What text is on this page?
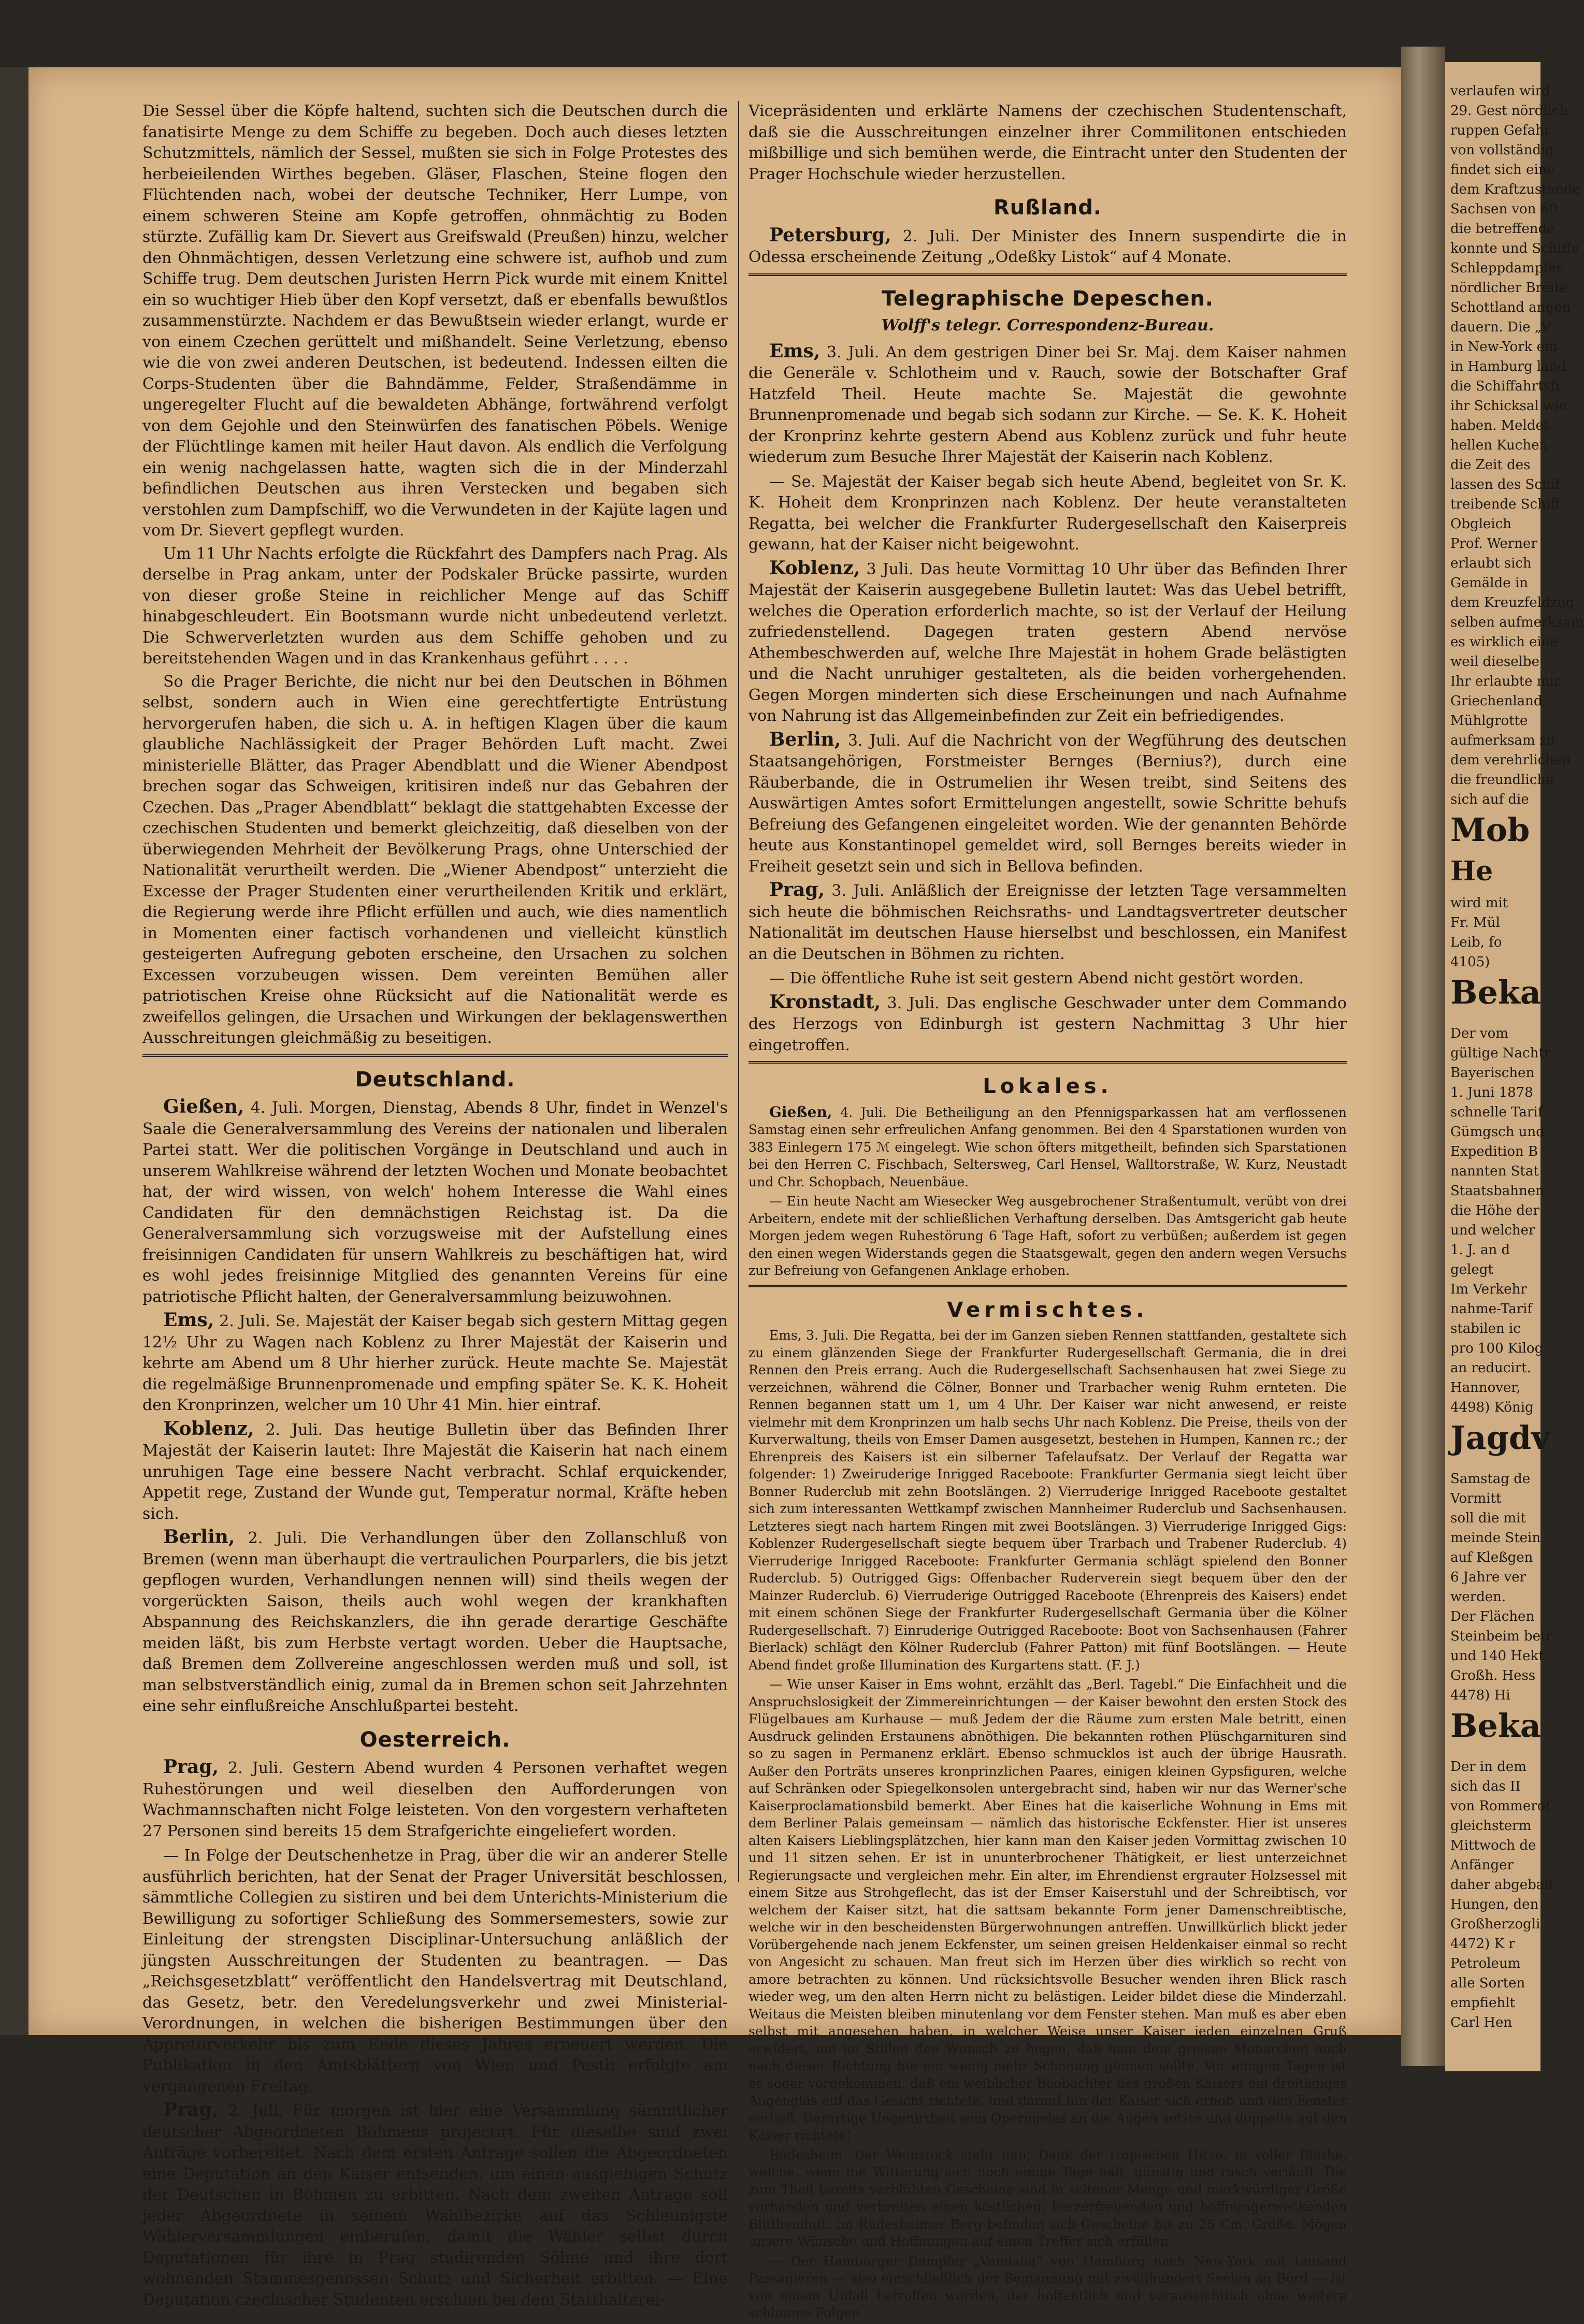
verlaufen wird.
29. Gest nördlich
ruppen Gefahr
von vollständig
findet sich eine
dem Kraftzustande
Sachsen von 60
die betreffende
konnte und Schiffe
Schleppdampfer
nördlicher Breite
Schottland angen
dauern. Die „V
in New-York ein
in Hamburg land
die Schiffahrtsfr
ihr Schicksal wie
haben. Meldet
hellen Kuchen
die Zeit des
lassen des Schif
treibende Schiff
Obgleich
Prof. Werner
erlaubt sich
Gemälde in
dem Kreuzfeldzug
selben aufmerksam
es wirklich eine
weil dieselbe
Ihr erlaubte mir
Griechenland,
Mühlgrotte
aufmerksam zu
dem verehrlichen
die freundliche
sich auf die
Mob
He
wird mit
Fr. Mül
Leib, fo
4105)
Beka
Der vom
gültige Nachtr
Bayerischen
1. Juni 1878
schnelle Tarif
Gümgsch und
Expedition B
nannten Stat
Staatsbahnen
die Höhe der
und welcher
1. J. an d
gelegt
Im Verkehr
nahme-Tarif
stabilen ic
pro 100 Kilog
an reducirt.
Hannover,
4498) König
Jagdv
Samstag de
Vormitt
soll die mit
meinde Stein
auf Kleßgen
6 Jahre ver
werden.
Der Flächen
Steinbeim betr
und 140 Hekt
Großh. Hess
4478) Hi
Beka
Der in dem
sich das II
von Rommerot
gleichsterm
Mittwoch de
Anfänger
daher abgebalt
Hungen, den
Großherzogli
4472) K r
Petroleum
alle Sorten
empfiehlt
Carl Hen

Die Sessel über die Köpfe haltend, suchten sich die Deutschen durch die fanatisirte Menge zu dem Schiffe zu begeben. Doch auch dieses letzten Schutzmittels, nämlich der Sessel, mußten sie sich in Folge Protestes des herbeieilenden Wirthes begeben. Gläser, Flaschen, Steine flogen den Flüchtenden nach, wobei der deutsche Techniker, Herr Lumpe, von einem schweren Steine am Kopfe getroffen, ohnmächtig zu Boden stürzte. Zufällig kam Dr. Sievert aus Greifswald (Preußen) hinzu, welcher den Ohnmächtigen, dessen Verletzung eine schwere ist, aufhob und zum Schiffe trug. Dem deutschen Juristen Herrn Pick wurde mit einem Knittel ein so wuchtiger Hieb über den Kopf versetzt, daß er ebenfalls bewußtlos zusammenstürzte. Nachdem er das Bewußtsein wieder erlangt, wurde er von einem Czechen gerüttelt und mißhandelt. Seine Verletzung, ebenso wie die von zwei anderen Deutschen, ist bedeutend. Indessen eilten die Corps-Studenten über die Bahndämme, Felder, Straßendämme in ungeregelter Flucht auf die bewaldeten Abhänge, fortwährend verfolgt von dem Gejohle und den Steinwürfen des fanatischen Pöbels. Wenige der Flüchtlinge kamen mit heiler Haut davon. Als endlich die Verfolgung ein wenig nachgelassen hatte, wagten sich die in der Minderzahl befindlichen Deutschen aus ihren Verstecken und begaben sich verstohlen zum Dampfschiff, wo die Verwundeten in der Kajüte lagen und vom Dr. Sievert gepflegt wurden.

Um 11 Uhr Nachts erfolgte die Rückfahrt des Dampfers nach Prag. Als derselbe in Prag ankam, unter der Podskaler Brücke passirte, wurden von dieser große Steine in reichlicher Menge auf das Schiff hinabgeschleudert. Ein Bootsmann wurde nicht unbedeutend verletzt. Die Schwerverletzten wurden aus dem Schiffe gehoben und zu bereitstehenden Wagen und in das Krankenhaus geführt . . . .

So die Prager Berichte, die nicht nur bei den Deutschen in Böhmen selbst, sondern auch in Wien eine gerechtfertigte Entrüstung hervorgerufen haben, die sich u. A. in heftigen Klagen über die kaum glaubliche Nachlässigkeit der Prager Behörden Luft macht. Zwei ministerielle Blätter, das Prager Abendblatt und die Wiener Abendpost brechen sogar das Schweigen, kritisiren indeß nur das Gebahren der Czechen. Das „Prager Abendblatt“ beklagt die stattgehabten Excesse der czechischen Studenten und bemerkt gleichzeitig, daß dieselben von der überwiegenden Mehrheit der Bevölkerung Prags, ohne Unterschied der Nationalität verurtheilt werden. Die „Wiener Abendpost“ unterzieht die Excesse der Prager Studenten einer verurtheilenden Kritik und erklärt, die Regierung werde ihre Pflicht erfüllen und auch, wie dies namentlich in Momenten einer factisch vorhandenen und vielleicht künstlich gesteigerten Aufregung geboten erscheine, den Ursachen zu solchen Excessen vorzubeugen wissen. Dem vereinten Bemühen aller patriotischen Kreise ohne Rücksicht auf die Nationalität werde es zweifellos gelingen, die Ursachen und Wirkungen der beklagenswerthen Ausschreitungen gleichmäßig zu beseitigen.

Deutschland.

Gießen, 4. Juli. Morgen, Dienstag, Abends 8 Uhr, findet in Wenzel's Saale die Generalversammlung des Vereins der nationalen und liberalen Partei statt. Wer die politischen Vorgänge in Deutschland und auch in unserem Wahlkreise während der letzten Wochen und Monate beobachtet hat, der wird wissen, von welch' hohem Interesse die Wahl eines Candidaten für den demnächstigen Reichstag ist. Da die Generalversammlung sich vorzugsweise mit der Aufstellung eines freisinnigen Candidaten für unsern Wahlkreis zu beschäftigen hat, wird es wohl jedes freisinnige Mitglied des genannten Vereins für eine patriotische Pflicht halten, der Generalversammlung beizuwohnen.

Ems, 2. Juli. Se. Majestät der Kaiser begab sich gestern Mittag gegen 12½ Uhr zu Wagen nach Koblenz zu Ihrer Majestät der Kaiserin und kehrte am Abend um 8 Uhr hierher zurück. Heute machte Se. Majestät die regelmäßige Brunnenpromenade und empfing später Se. K. K. Hoheit den Kronprinzen, welcher um 10 Uhr 41 Min. hier eintraf.

Koblenz, 2. Juli. Das heutige Bulletin über das Befinden Ihrer Majestät der Kaiserin lautet: Ihre Majestät die Kaiserin hat nach einem unruhigen Tage eine bessere Nacht verbracht. Schlaf erquickender, Appetit rege, Zustand der Wunde gut, Temperatur normal, Kräfte heben sich.

Berlin, 2. Juli. Die Verhandlungen über den Zollanschluß von Bremen (wenn man überhaupt die vertraulichen Pourparlers, die bis jetzt gepflogen wurden, Verhandlungen nennen will) sind theils wegen der vorgerückten Saison, theils auch wohl wegen der krankhaften Abspannung des Reichskanzlers, die ihn gerade derartige Geschäfte meiden läßt, bis zum Herbste vertagt worden. Ueber die Hauptsache, daß Bremen dem Zollvereine angeschlossen werden muß und soll, ist man selbstverständlich einig, zumal da in Bremen schon seit Jahrzehnten eine sehr einflußreiche Anschlußpartei besteht.

Oesterreich.

Prag, 2. Juli. Gestern Abend wurden 4 Personen verhaftet wegen Ruhestörungen und weil dieselben den Aufforderungen von Wachmannschaften nicht Folge leisteten. Von den vorgestern verhafteten 27 Personen sind bereits 15 dem Strafgerichte eingeliefert worden.

— In Folge der Deutschenhetze in Prag, über die wir an anderer Stelle ausführlich berichten, hat der Senat der Prager Universität beschlossen, sämmtliche Collegien zu sistiren und bei dem Unterichts-Ministerium die Bewilligung zu sofortiger Schließung des Sommersemesters, sowie zur Einleitung der strengsten Disciplinar-Untersuchung anläßlich der jüngsten Ausschreitungen der Studenten zu beantragen. — Das „Reichsgesetzblatt“ veröffentlicht den Handelsvertrag mit Deutschland, das Gesetz, betr. den Veredelungsverkehr und zwei Ministerial-Verordnungen, in welchen die bisherigen Bestimmungen über den Appreturverkehr bis zum Ende dieses Jahres erneuert werden. Die Publikation in den Amtsblättern von Wien und Pesth erfolgte am vergangenen Freitag.

Prag, 2. Juli. Für morgen ist hier eine Versammlung sämmtlicher deutscher Abgeordneten Böhmens projectirt. Für dieselbe sind zwei Anträge vorbereitet. Nach dem ersten Antrage sollen die Abgeordneten eine Deputation an den Kaiser entsenden, um einen ausgiebigen Schutz der Deutschen in Böhmen zu erbitten. Nach dem zweiten Antrage soll jeder Abgeordnete in seinem Wahlbezirke auf das Schleunigste Wählerversammlungen einberufen, damit die Wähler selbst durch Deputationen für ihre in Prag studirenden Söhne und ihre dort wohnenden Stammesgenossen Schutz und Sicherheit erbitten. — Eine Deputation czechischer Studenten erschien bei dem Statthalterei-

Vicepräsidenten und erklärte Namens der czechischen Studentenschaft, daß sie die Ausschreitungen einzelner ihrer Commilitonen entschieden mißbillige und sich bemühen werde, die Eintracht unter den Studenten der Prager Hochschule wieder herzustellen.

Rußland.

Petersburg, 2. Juli. Der Minister des Innern suspendirte die in Odessa erscheinende Zeitung „Odeßky Listok“ auf 4 Monate.

Telegraphische Depeschen.
Wolff's telegr. Correspondenz-Bureau.

Ems, 3. Juli. An dem gestrigen Diner bei Sr. Maj. dem Kaiser nahmen die Generäle v. Schlotheim und v. Rauch, sowie der Botschafter Graf Hatzfeld Theil. Heute machte Se. Majestät die gewohnte Brunnenpromenade und begab sich sodann zur Kirche. — Se. K. K. Hoheit der Kronprinz kehrte gestern Abend aus Koblenz zurück und fuhr heute wiederum zum Besuche Ihrer Majestät der Kaiserin nach Koblenz.

— Se. Majestät der Kaiser begab sich heute Abend, begleitet von Sr. K. K. Hoheit dem Kronprinzen nach Koblenz. Der heute veranstalteten Regatta, bei welcher die Frankfurter Rudergesellschaft den Kaiserpreis gewann, hat der Kaiser nicht beigewohnt.

Koblenz, 3 Juli. Das heute Vormittag 10 Uhr über das Befinden Ihrer Majestät der Kaiserin ausgegebene Bulletin lautet: Was das Uebel betrifft, welches die Operation erforderlich machte, so ist der Verlauf der Heilung zufriedenstellend. Dagegen traten gestern Abend nervöse Athembeschwerden auf, welche Ihre Majestät in hohem Grade belästigten und die Nacht unruhiger gestalteten, als die beiden vorhergehenden. Gegen Morgen minderten sich diese Erscheinungen und nach Aufnahme von Nahrung ist das Allgemeinbefinden zur Zeit ein befriedigendes.

Berlin, 3. Juli. Auf die Nachricht von der Wegführung des deutschen Staatsangehörigen, Forstmeister Bernges (Bernius?), durch eine Räuberbande, die in Ostrumelien ihr Wesen treibt, sind Seitens des Auswärtigen Amtes sofort Ermittelungen angestellt, sowie Schritte behufs Befreiung des Gefangenen eingeleitet worden. Wie der genannten Behörde heute aus Konstantinopel gemeldet wird, soll Bernges bereits wieder in Freiheit gesetzt sein und sich in Bellova befinden.

Prag, 3. Juli. Anläßlich der Ereignisse der letzten Tage versammelten sich heute die böhmischen Reichsraths- und Landtagsvertreter deutscher Nationalität im deutschen Hause hierselbst und beschlossen, ein Manifest an die Deutschen in Böhmen zu richten.

— Die öffentliche Ruhe ist seit gestern Abend nicht gestört worden.

Kronstadt, 3. Juli. Das englische Geschwader unter dem Commando des Herzogs von Edinburgh ist gestern Nachmittag 3 Uhr hier eingetroffen.

Lokales.

Gießen, 4. Juli. Die Betheiligung an den Pfennigsparkassen hat am verflossenen Samstag einen sehr erfreulichen Anfang genommen. Bei den 4 Sparstationen wurden von 383 Einlegern 175 ℳ eingelegt. Wie schon öfters mitgetheilt, befinden sich Sparstationen bei den Herren C. Fischbach, Seltersweg, Carl Hensel, Walltorstraße, W. Kurz, Neustadt und Chr. Schopbach, Neuenbäue.

— Ein heute Nacht am Wiesecker Weg ausgebrochener Straßentumult, verübt von drei Arbeitern, endete mit der schließlichen Verhaftung derselben. Das Amtsgericht gab heute Morgen jedem wegen Ruhestörung 6 Tage Haft, sofort zu verbüßen; außerdem ist gegen den einen wegen Widerstands gegen die Staatsgewalt, gegen den andern wegen Versuchs zur Befreiung von Gefangenen Anklage erhoben.

Vermischtes.

Ems, 3. Juli. Die Regatta, bei der im Ganzen sieben Rennen stattfanden, gestaltete sich zu einem glänzenden Siege der Frankfurter Rudergesellschaft Germania, die in drei Rennen den Preis errang. Auch die Rudergesellschaft Sachsenhausen hat zwei Siege zu verzeichnen, während die Cölner, Bonner und Trarbacher wenig Ruhm ernteten. Die Rennen begannen statt um 1, um 4 Uhr. Der Kaiser war nicht anwesend, er reiste vielmehr mit dem Kronprinzen um halb sechs Uhr nach Koblenz. Die Preise, theils von der Kurverwaltung, theils von Emser Damen ausgesetzt, bestehen in Humpen, Kannen rc.; der Ehrenpreis des Kaisers ist ein silberner Tafelaufsatz. Der Verlauf der Regatta war folgender: 1) Zweiruderige Inrigged Raceboote: Frankfurter Germania siegt leicht über Bonner Ruderclub mit zehn Bootslängen. 2) Vierruderige Inrigged Raceboote gestaltet sich zum interessanten Wettkampf zwischen Mannheimer Ruderclub und Sachsenhausen. Letzteres siegt nach hartem Ringen mit zwei Bootslängen. 3) Vierruderige Inrigged Gigs: Koblenzer Rudergesellschaft siegte bequem über Trarbach und Trabener Ruderclub. 4) Vierruderige Inrigged Raceboote: Frankfurter Germania schlägt spielend den Bonner Ruderclub. 5) Outrigged Gigs: Offenbacher Ruderverein siegt bequem über den der Mainzer Ruderclub. 6) Vierruderige Outrigged Raceboote (Ehrenpreis des Kaisers) endet mit einem schönen Siege der Frankfurter Rudergesellschaft Germania über die Kölner Rudergesellschaft. 7) Einruderige Outrigged Raceboote: Boot von Sachsenhausen (Fahrer Bierlack) schlägt den Kölner Ruderclub (Fahrer Patton) mit fünf Bootslängen. — Heute Abend findet große Illumination des Kurgartens statt. (F. J.)

— Wie unser Kaiser in Ems wohnt, erzählt das „Berl. Tagebl.“ Die Einfachheit und die Anspruchslosigkeit der Zimmereinrichtungen — der Kaiser bewohnt den ersten Stock des Flügelbaues am Kurhause — muß Jedem der die Räume zum ersten Male betritt, einen Ausdruck gelinden Erstaunens abnöthigen. Die bekannten rothen Plüschgarnituren sind so zu sagen in Permanenz erklärt. Ebenso schmucklos ist auch der übrige Hausrath. Außer den Porträts unseres kronprinzlichen Paares, einigen kleinen Gypsfiguren, welche auf Schränken oder Spiegelkonsolen untergebracht sind, haben wir nur das Werner'sche Kaiserproclamationsbild bemerkt. Aber Eines hat die kaiserliche Wohnung in Ems mit dem Berliner Palais gemeinsam — nämlich das historische Eckfenster. Hier ist unseres alten Kaisers Lieblingsplätzchen, hier kann man den Kaiser jeden Vormittag zwischen 10 und 11 sitzen sehen. Er ist in ununterbrochener Thätigkeit, er liest unterzeichnet Regierungsacte und vergleichen mehr. Ein alter, im Ehrendienst ergrauter Holzsessel mit einem Sitze aus Strohgeflecht, das ist der Emser Kaiserstuhl und der Schreibtisch, vor welchem der Kaiser sitzt, hat die sattsam bekannte Form jener Damenschreibtische, welche wir in den bescheidensten Bürgerwohnungen antreffen. Unwillkürlich blickt jeder Vorübergehende nach jenem Eckfenster, um seinen greisen Heldenkaiser einmal so recht von Angesicht zu schauen. Man freut sich im Herzen über dies wirklich so recht von amore betrachten zu können. Und rücksichtsvolle Besucher wenden ihren Blick rasch wieder weg, um den alten Herrn nicht zu belästigen. Leider bildet diese die Minderzahl. Weitaus die Meisten bleiben minutenlang vor dem Fenster stehen. Man muß es aber eben selbst mit angesehen haben, in welcher Weise unser Kaiser jeden einzelnen Gruß erwidert, um im Stillen den Wunsch zu hegen, daß man dem greisen Monarchen auch nach dieser Richtung hin ein wenig mehr Schonung gönnen sollte. Vor einigen Tagen ist es sogar vorgekommen, daß ein weiblicher Beobachter des großen Kaisers ein dreitägiges Augenglas auf das Gesicht richtete, und darauf hin der Kaiser sich erhob und den Fenster verließ. Derartige Ungenirtheit sein Operngelas an die Augen setzte und doppelte auf den Kaiser richtete!

Rüdesheim. Der Weinstock steht nun, Dank der tropischen Hitze, in voller Blüthe, welche, wenn die Witterung sich noch einige Tage hält, günstig und rasch verläuft. Die zum Theil bereits verblühten Gescheine sind in seltener Menge und merkwürdiger Größe vorhanden und verbreiten einen köstlichen, herzerfreuenden und hoffnungerweckenden Blüthenduft. Im Rüdesheimer Berg befinden sich Gescheine bis zu 25 Cm. Größe. Mögen unsere Wünsche und Hoffnungen auf einen Treffer sich erfüllen.

— Der Hamburger Dampfer „Vandalia“ von Hamburg nach New-York mit tausend Passagieren — also einschließlich der Bemannung mit zwölfhundert Seelen an Bord — ist von einem Unfall betroffen worden, der hoffentlich und voraussichtlich ohne weitere schlimme Folgen
